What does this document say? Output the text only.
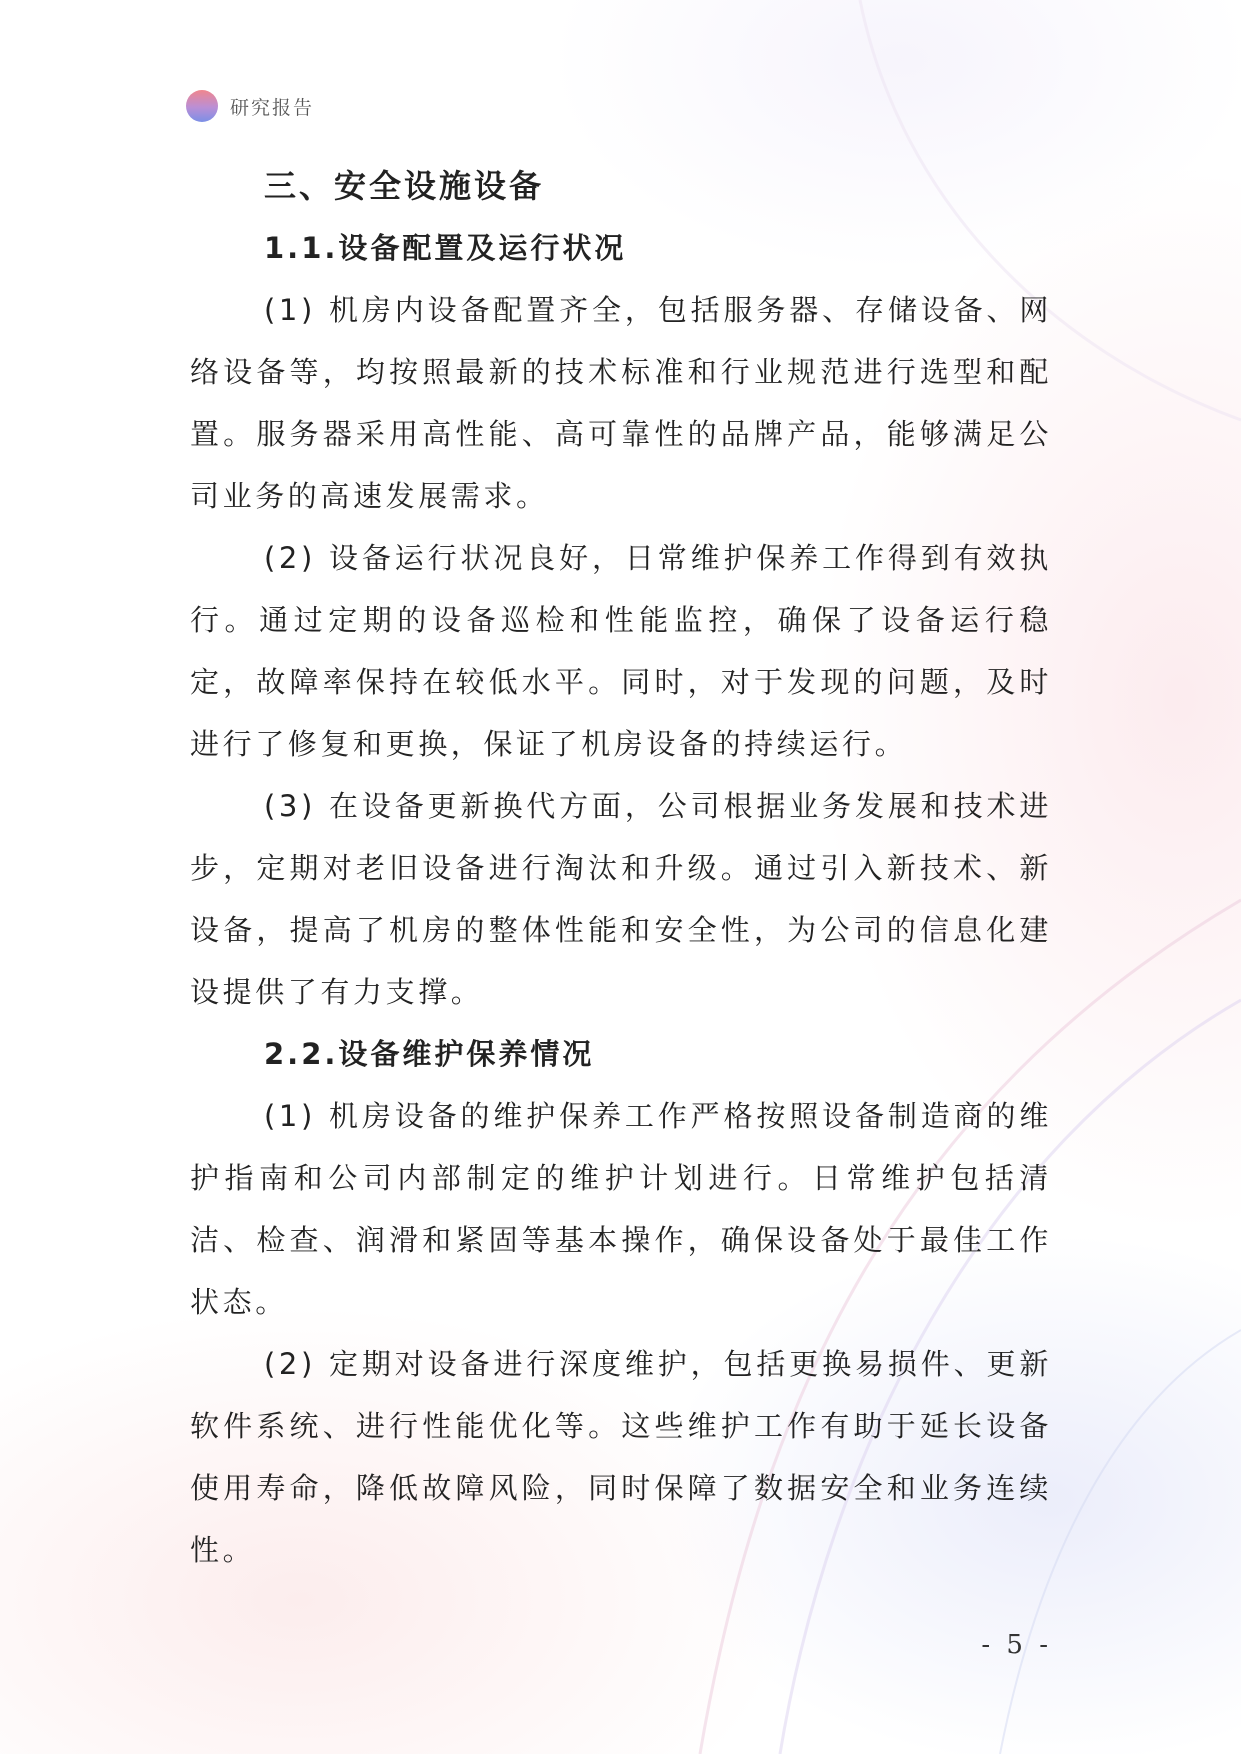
研究报告
三、安全设施设备
1.1.设备配置及运行状况

(1) 机房内设备配置齐全，包括服务器、存储设备、网络设备等，均按照最新的技术标准和行业规范进行选型和配置。服务器采用高性能、高可靠性的品牌产品，能够满足公司业务的高速发展需求。

(2) 设备运行状况良好，日常维护保养工作得到有效执行。通过定期的设备巡检和性能监控，确保了设备运行稳定，故障率保持在较低水平。同时，对于发现的问题，及时进行了修复和更换，保证了机房设备的持续运行。

(3) 在设备更新换代方面，公司根据业务发展和技术进步，定期对老旧设备进行淘汰和升级。通过引入新技术、新设备，提高了机房的整体性能和安全性，为公司的信息化建设提供了有力支撑。

2.2.设备维护保养情况

(1) 机房设备的维护保养工作严格按照设备制造商的维护指南和公司内部制定的维护计划进行。日常维护包括清洁、检查、润滑和紧固等基本操作，确保设备处于最佳工作状态。

(2) 定期对设备进行深度维护，包括更换易损件、更新软件系统、进行性能优化等。这些维护工作有助于延长设备使用寿命，降低故障风险，同时保障了数据安全和业务连续性。

- 5 -
